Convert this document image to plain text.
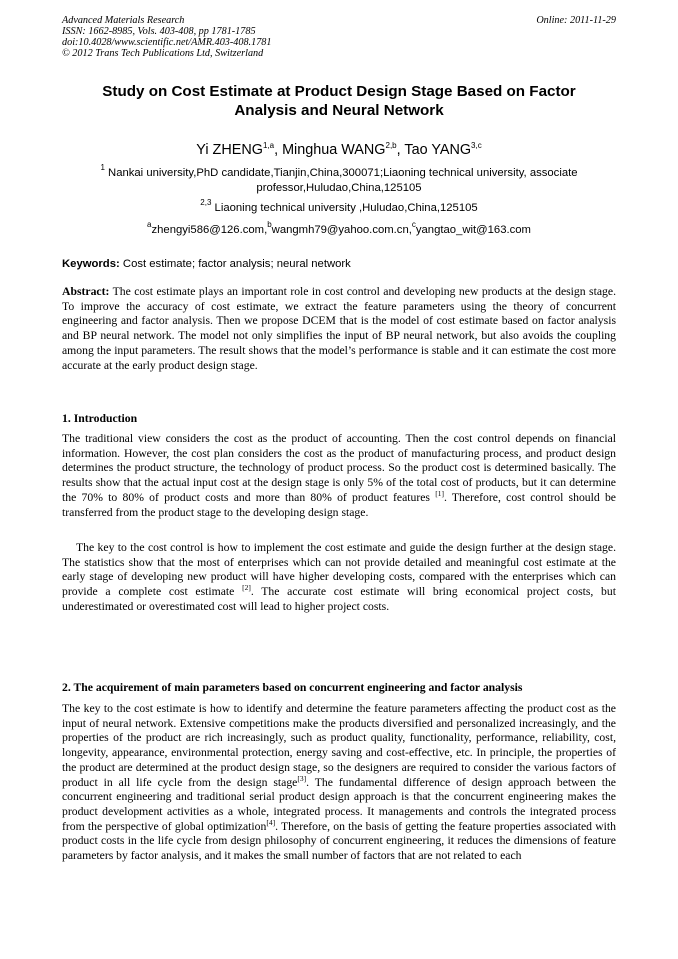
Advanced Materials Research
ISSN: 1662-8985, Vols. 403-408, pp 1781-1785
doi:10.4028/www.scientific.net/AMR.403-408.1781
© 2012 Trans Tech Publications Ltd, Switzerland
Online: 2011-11-29
Study on Cost Estimate at Product Design Stage Based on Factor
Analysis and Neural Network
Yi ZHENG$^{1,a}$, Minghua WANG$^{2,b}$, Tao YANG$^{3,c}$
$^1$ Nankai university,PhD candidate,Tianjin,China,300071;Liaoning technical university, associate
professor,Huludao,China,125105
$^{2,3}$ Liaoning technical university ,Huludao,China,125105
$^a$zhengyi586@126.com,$^b$wangmh79@yahoo.com.cn,$^c$yangtao_wit@163.com
Keywords: Cost estimate; factor analysis; neural network
Abstract: The cost estimate plays an important role in cost control and developing new products at the design stage. To improve the accuracy of cost estimate, we extract the feature parameters using the theory of concurrent engineering and factor analysis. Then we propose DCEM that is the model of cost estimate based on factor analysis and BP neural network. The model not only simplifies the input of BP neural network, but also avoids the coupling among the input parameters. The result shows that the model’s performance is stable and it can estimate the cost more accurate at the early product design stage.
1. Introduction
The traditional view considers the cost as the product of accounting. Then the cost control depends on financial information. However, the cost plan considers the cost as the product of manufacturing process, and product design determines the product structure, the technology of product process. So the product cost is determined basically. The results show that the actual input cost at the design stage is only 5% of the total cost of products, but it can determine the 70% to 80% of product costs and more than 80% of product features [1]. Therefore, cost control should be transferred from the product stage to the developing design stage.
The key to the cost control is how to implement the cost estimate and guide the design further at the design stage. The statistics show that the most of enterprises which can not provide detailed and meaningful cost estimate at the early stage of developing new product will have higher developing costs, compared with the enterprises which can provide a complete cost estimate [2]. The accurate cost estimate will bring economical project costs, but underestimated or overestimated cost will lead to higher project costs.
2. The acquirement of main parameters based on concurrent engineering and factor analysis
The key to the cost estimate is how to identify and determine the feature parameters affecting the product cost as the input of neural network. Extensive competitions make the products diversified and personalized increasingly, and the properties of the product are rich increasingly, such as product quality, functionality, performance, reliability, cost, longevity, appearance, environmental protection, energy saving and cost-effective, etc. In principle, the properties of the product are determined at the product design stage, so the designers are required to consider the various factors of product in all life cycle from the design stage[3]. The fundamental difference of design approach between the concurrent engineering and traditional serial product design approach is that the concurrent engineering makes the product development activities as a whole, integrated process. It managements and controls the integrated process from the perspective of global optimization[4]. Therefore, on the basis of getting the feature properties associated with product costs in the life cycle from design philosophy of concurrent engineering, it reduces the dimensions of feature parameters by factor analysis, and it makes the small number of factors that are not related to each
